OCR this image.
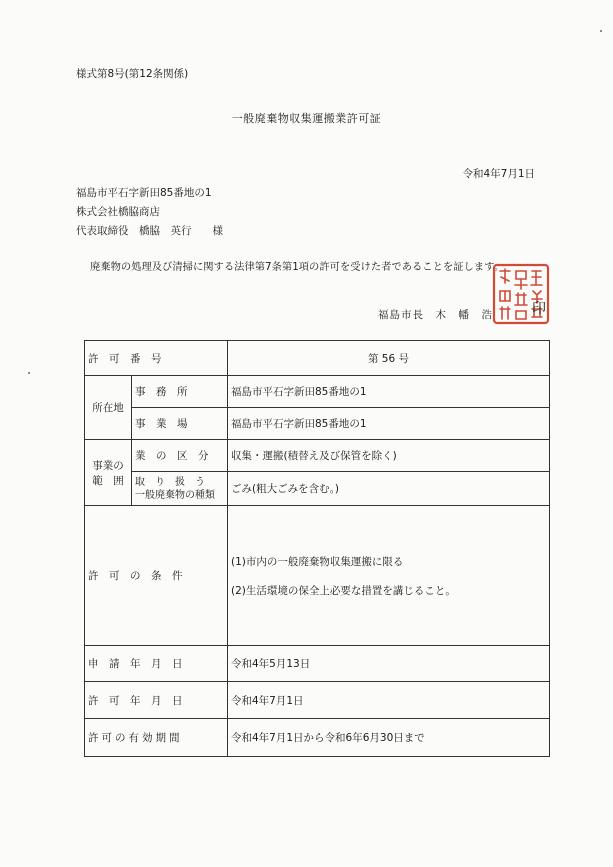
様式第8号(第12条関係)
一般廃棄物収集運搬業許可証
令和4年7月1日
福島市平石字新田85番地の1
株式会社橋脇商店
代表取締役　橋脇　英行　　様
廃棄物の処理及び清掃に関する法律第7条第1項の許可を受けた者であることを証します。
福島市長　木　幡　浩	印
福島市長之印
許　可　番　号		第 56 号
所在地	事　務　所	福島市平石字新田85番地の1
	事　業　場	福島市平石字新田85番地の1

事業の
範　囲	業　の　区　分	収集・運搬(積替え及び保管を除く)

	取　り　扱　う
一般廃棄物の種類	ごみ(粗大ごみを含む。)
許　可　の　条　件		(1)市内の一般廃棄物収集運搬に限る
(2)生活環境の保全上必要な措置を講じること。

申　請　年　月　日		令和4年5月13日
許　可　年　月　日		令和4年7月1日
許可の有効期間		令和4年7月1日から令和6年6月30日まで
